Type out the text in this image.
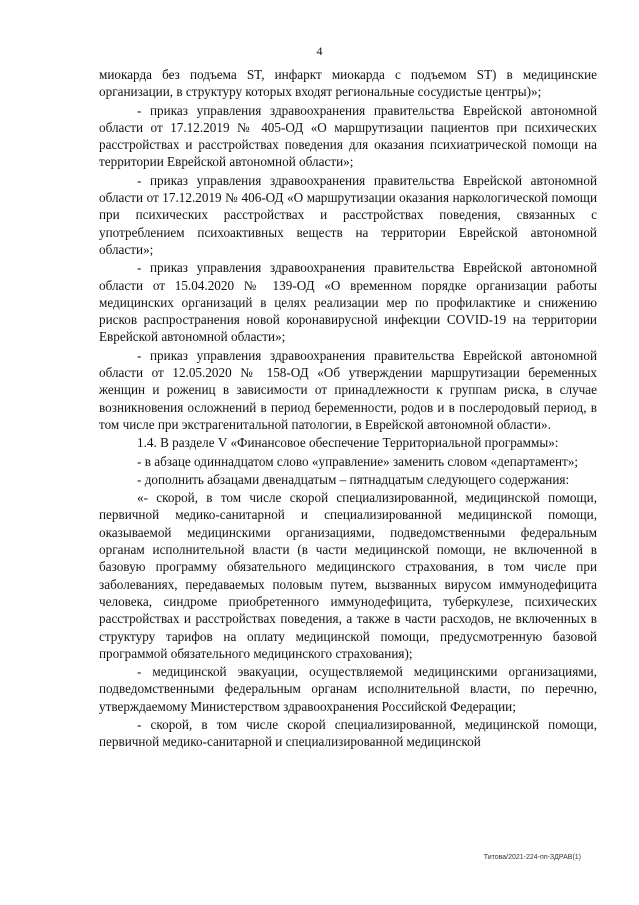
4

миокарда без подъема ST, инфаркт миокарда с подъемом ST) в медицинские организации, в структуру которых входят региональные сосудистые центры)»;

- приказ управления здравоохранения правительства Еврейской автономной области от 17.12.2019 № 405-ОД «О маршрутизации пациентов при психических расстройствах и расстройствах поведения для оказания психиатрической помощи на территории Еврейской автономной области»;

- приказ управления здравоохранения правительства Еврейской автономной области от 17.12.2019 № 406-ОД «О маршрутизации оказания наркологической помощи при психических расстройствах и расстройствах поведения, связанных с употреблением психоактивных веществ на территории Еврейской автономной области»;

- приказ управления здравоохранения правительства Еврейской автономной области от 15.04.2020 № 139-ОД «О временном порядке организации работы медицинских организаций в целях реализации мер по профилактике и снижению рисков распространения новой коронавирусной инфекции COVID-19 на территории Еврейской автономной области»;

- приказ управления здравоохранения правительства Еврейской автономной области от 12.05.2020 № 158-ОД «Об утверждении маршрутизации беременных женщин и рожениц в зависимости от принадлежности к группам риска, в случае возникновения осложнений в период беременности, родов и в послеродовый период, в том числе при экстрагенитальной патологии, в Еврейской автономной области».

1.4. В разделе V «Финансовое обеспечение Территориальной программы»:

- в абзаце одиннадцатом слово «управление» заменить словом «департамент»;

- дополнить абзацами двенадцатым – пятнадцатым следующего содержания:

«- скорой, в том числе скорой специализированной, медицинской помощи, первичной медико-санитарной и специализированной медицинской помощи, оказываемой медицинскими организациями, подведомственными федеральным органам исполнительной власти (в части медицинской помощи, не включенной в базовую программу обязательного медицинского страхования, в том числе при заболеваниях, передаваемых половым путем, вызванных вирусом иммунодефицита человека, синдроме приобретенного иммунодефицита, туберкулезе, психических расстройствах и расстройствах поведения, а также в части расходов, не включенных в структуру тарифов на оплату медицинской помощи, предусмотренную базовой программой обязательного медицинского страхования);

- медицинской эвакуации, осуществляемой медицинскими организациями, подведомственными федеральным органам исполнительной власти, по перечню, утверждаемому Министерством здравоохранения Российской Федерации;

- скорой, в том числе скорой специализированной, медицинской помощи, первичной медико-санитарной и специализированной медицинской

Титова/2021-224-пп-ЗДРАВ(1)
